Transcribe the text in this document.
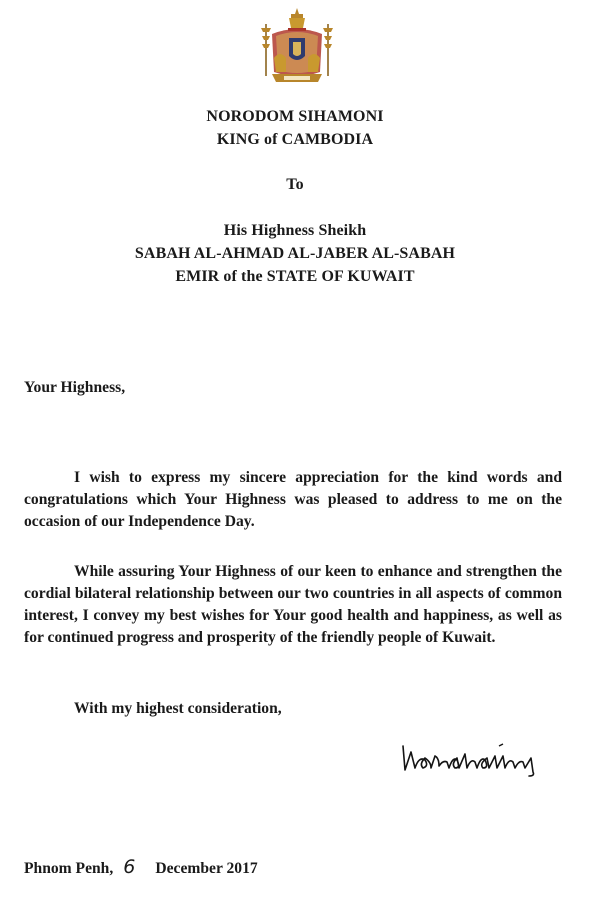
NORODOM SIHAMONI
KING of CAMBODIA
To
His Highness Sheikh
SABAH AL-AHMAD AL-JABER AL-SABAH
EMIR of the STATE OF KUWAIT
Your Highness,
I wish to express my sincere appreciation for the kind words and congratulations which Your Highness was pleased to address to me on the occasion of our Independence Day.
While assuring Your Highness of our keen to enhance and strengthen the cordial bilateral relationship between our two countries in all aspects of common interest, I convey my best wishes for Your good health and happiness, as well as for continued progress and prosperity of the friendly people of Kuwait.
With my highest consideration,
Phnom Penh, 6 December 2017
